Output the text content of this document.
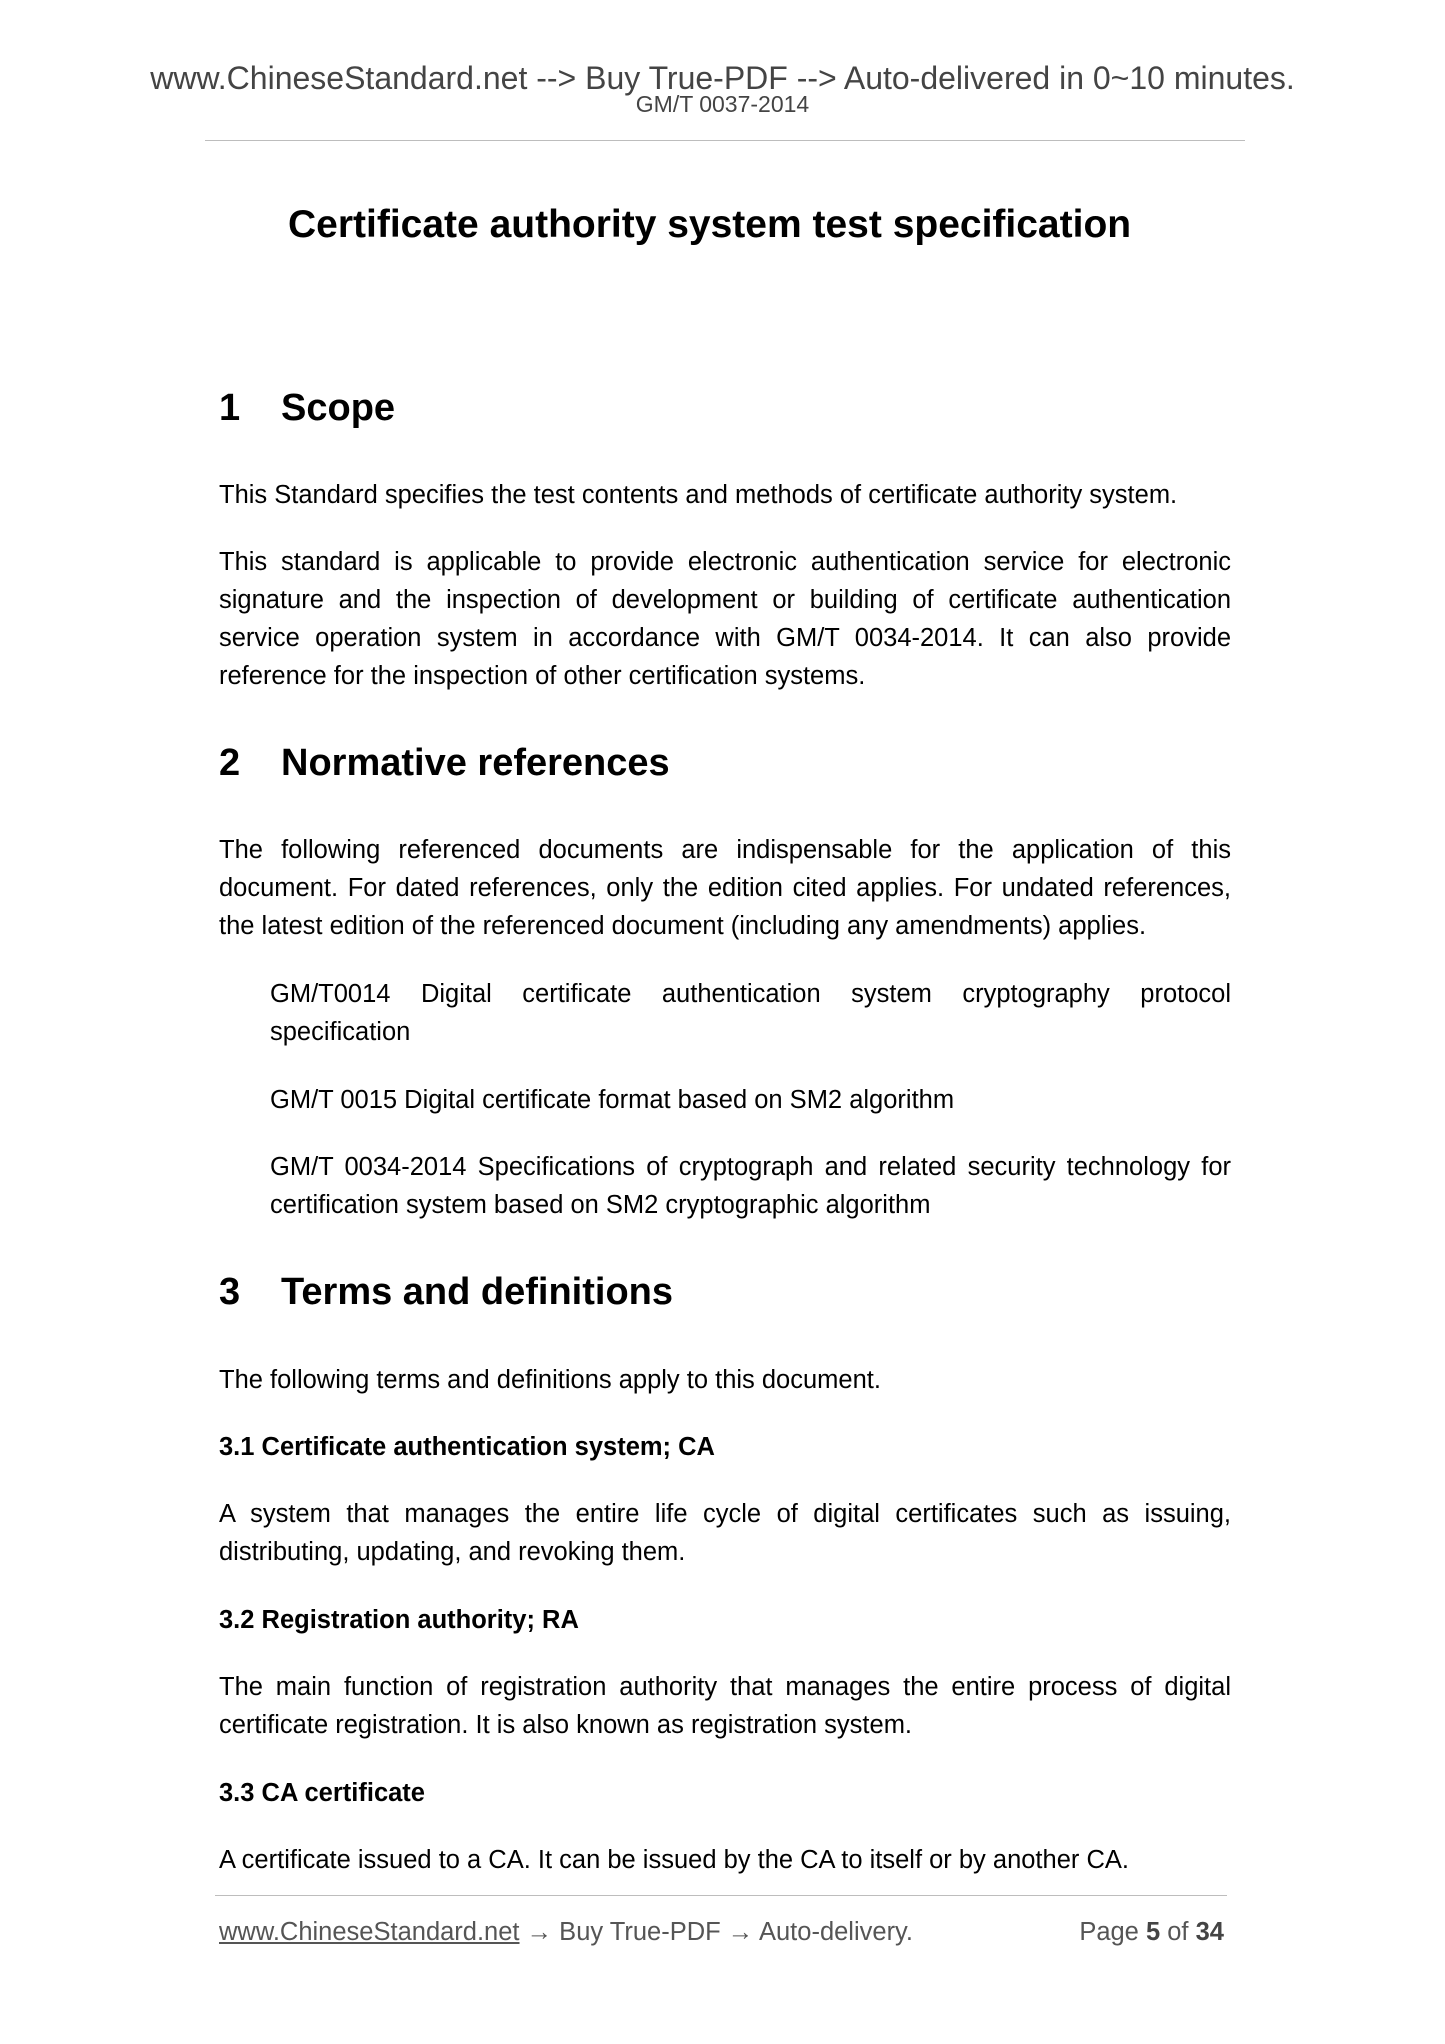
www.ChineseStandard.net --> Buy True-PDF --> Auto-delivered in 0~10 minutes.
GM/T 0037-2014
Certificate authority system test specification
1 Scope

This Standard specifies the test contents and methods of certificate authority system.

This standard is applicable to provide electronic authentication service for electronic signature and the inspection of development or building of certificate authentication service operation system in accordance with GM/T 0034-2014. It can also provide reference for the inspection of other certification systems.

2 Normative references

The following referenced documents are indispensable for the application of this document. For dated references, only the edition cited applies. For undated references, the latest edition of the referenced document (including any amendments) applies.

GM/T0014 Digital certificate authentication system cryptography protocol specification

GM/T 0015 Digital certificate format based on SM2 algorithm

GM/T 0034-2014 Specifications of cryptograph and related security technology for certification system based on SM2 cryptographic algorithm

3 Terms and definitions

The following terms and definitions apply to this document.

3.1 Certificate authentication system; CA

A system that manages the entire life cycle of digital certificates such as issuing, distributing, updating, and revoking them.

3.2 Registration authority; RA

The main function of registration authority that manages the entire process of digital certificate registration. It is also known as registration system.

3.3 CA certificate

A certificate issued to a CA. It can be issued by the CA to itself or by another CA.

www.ChineseStandard.net → Buy True-PDF → Auto-delivery.	Page 5 of 34
